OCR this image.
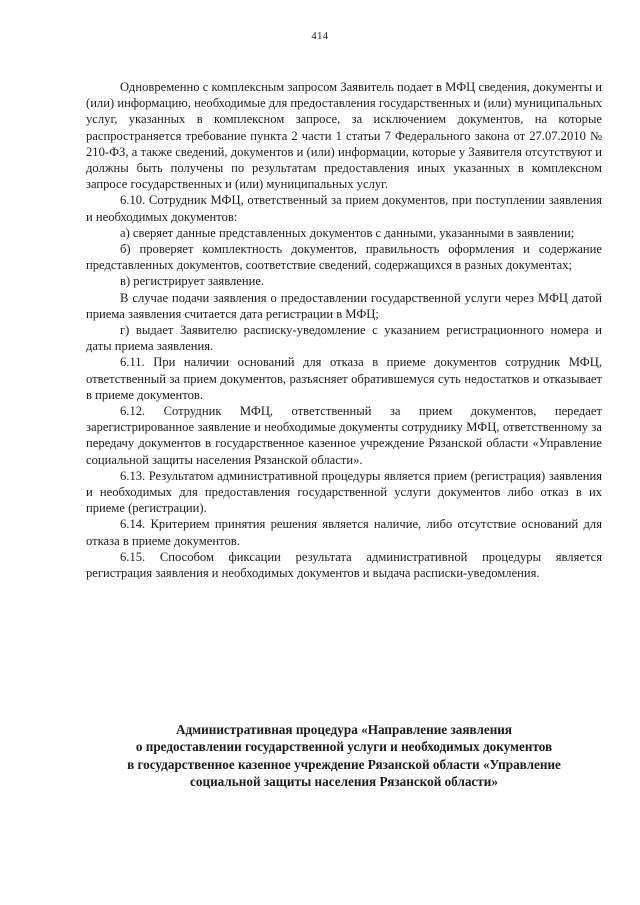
414

Одновременно с комплексным запросом Заявитель подает в МФЦ сведения, документы и (или) информацию, необходимые для предоставления государственных и (или) муниципальных услуг, указанных в комплексном запросе, за исключением документов, на которые распространяется требование пункта 2 части 1 статьи 7 Федерального закона от 27.07.2010 № 210-ФЗ, а также сведений, документов и (или) информации, которые у Заявителя отсутствуют и должны быть получены по результатам предоставления иных указанных в комплексном запросе государственных и (или) муниципальных услуг.

6.10. Сотрудник МФЦ, ответственный за прием документов, при поступлении заявления и необходимых документов:

а) сверяет данные представленных документов с данными, указанными в заявлении;

б) проверяет комплектность документов, правильность оформления и содержание представленных документов, соответствие сведений, содержащихся в разных документах;

в) регистрирует заявление.

В случае подачи заявления о предоставлении государственной услуги через МФЦ датой приема заявления считается дата регистрации в МФЦ;

г) выдает Заявителю расписку-уведомление с указанием регистрационного номера и даты приема заявления.

6.11. При наличии оснований для отказа в приеме документов сотрудник МФЦ, ответственный за прием документов, разъясняет обратившемуся суть недостатков и отказывает в приеме документов.

6.12. Сотрудник МФЦ, ответственный за прием документов, передает зарегистрированное заявление и необходимые документы сотруднику МФЦ, ответственному за передачу документов в государственное казенное учреждение Рязанской области «Управление социальной защиты населения Рязанской области».

6.13. Результатом административной процедуры является прием (регистрация) заявления и необходимых для предоставления государственной услуги документов либо отказ в их приеме (регистрации).

6.14. Критерием принятия решения является наличие, либо отсутствие оснований для отказа в приеме документов.

6.15. Способом фиксации результата административной процедуры является регистрация заявления и необходимых документов и выдача расписки-уведомления.

Административная процедура «Направление заявления
о предоставлении государственной услуги и необходимых документов
в государственное казенное учреждение Рязанской области «Управление
социальной защиты населения Рязанской области»
